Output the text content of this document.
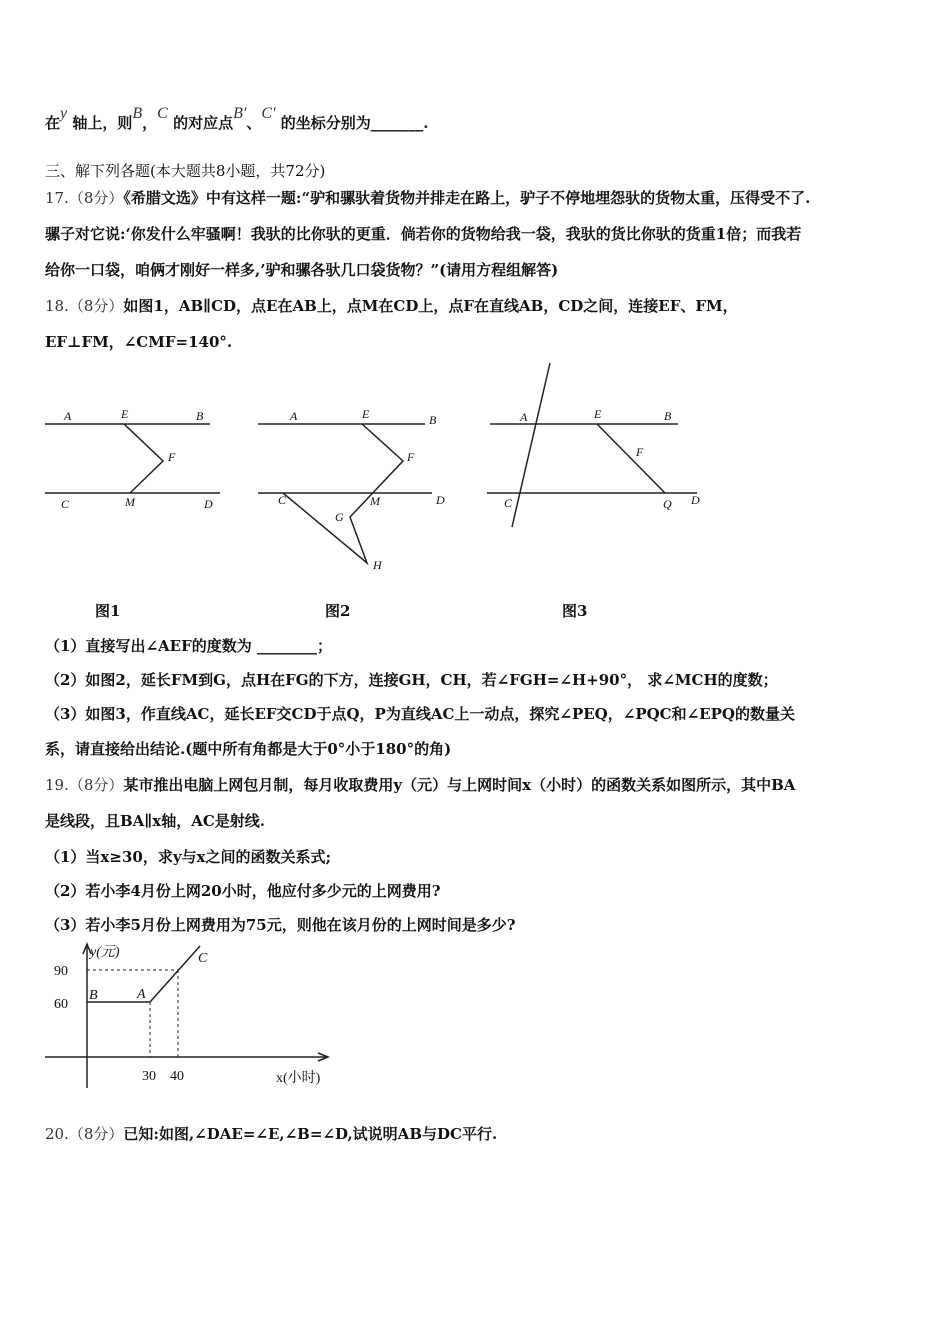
在y 轴上，则B，C 的对应点B′、C′ 的坐标分别为_______.
三、解下列各题(本大题共8小题，共72分)
17.（8分）《希腊文选》中有这样一题:“驴和骡驮着货物并排走在路上，驴子不停地埋怨驮的货物太重，压得受不了.
骡子对它说:‘你发什么牢骚啊！我驮的比你驮的更重．倘若你的货物给我一袋，我驮的货比你驮的货重1倍；而我若
给你一口袋，咱俩才刚好一样多,’驴和骡各驮几口袋货物？”(请用方程组解答)
18.（8分）如图1，AB∥CD，点E在AB上，点M在CD上，点F在直线AB，CD之间，连接EF、FM，
EF⊥FM，∠CMF=140°.
A	E	B
F
C	M	D
A	E	B
F
C	M
G
H
D
A	E	B
F
C	Q D
y(元)
90
60
30 40	x(小时)
B	A
C
图1	图2	图3
（1）直接写出∠AEF的度数为 ________；
（2）如图2，延长FM到G，点H在FG的下方，连接GH，CH，若∠FGH=∠H+90°， 求∠MCH的度数；
（3）如图3，作直线AC，延长EF交CD于点Q，P为直线AC上一动点，探究∠PEQ，∠PQC和∠EPQ的数量关
系，请直接给出结论.(题中所有角都是大于0°小于180°的角)
19.（8分）某市推出电脑上网包月制，每月收取费用y（元）与上网时间x（小时）的函数关系如图所示，其中BA
是线段，且BA∥x轴，AC是射线.
（1）当x≥30，求y与x之间的函数关系式;
（2）若小李4月份上网20小时，他应付多少元的上网费用?
（3）若小李5月份上网费用为75元，则他在该月份的上网时间是多少?
20.（8分）已知:如图,∠DAE=∠E,∠B=∠D,试说明AB与DC平行.
